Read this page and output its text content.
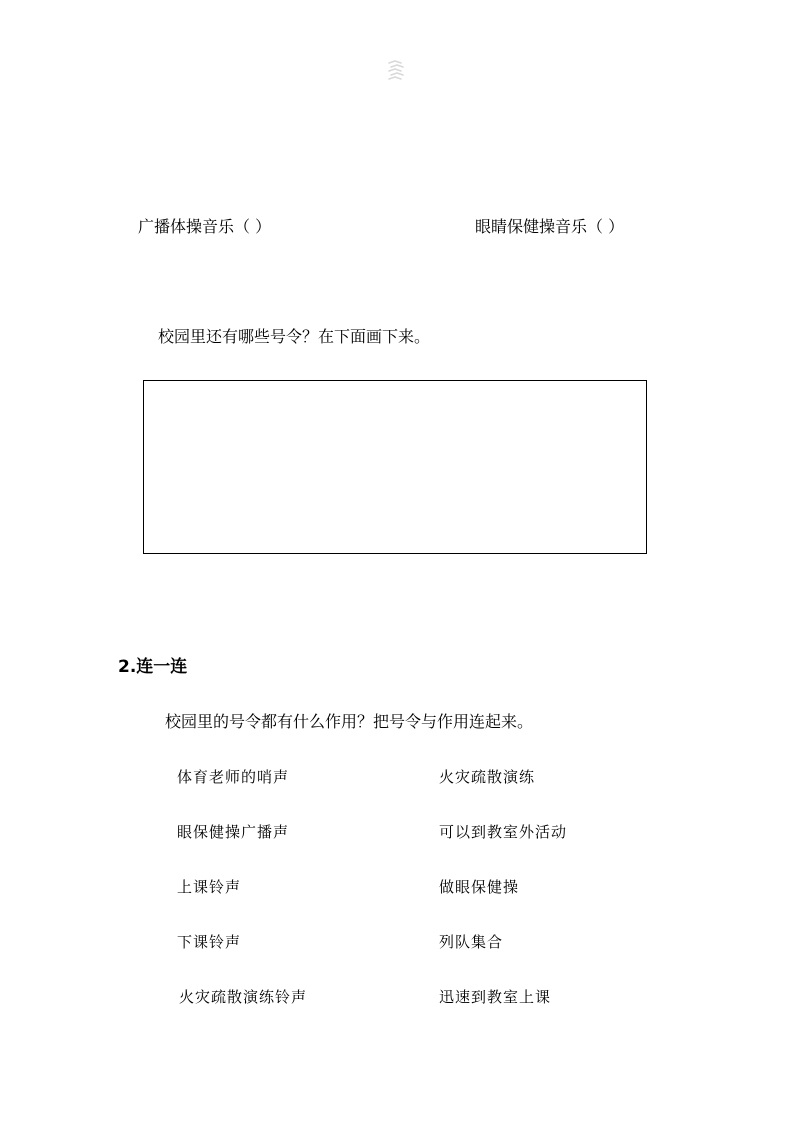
广播体操音乐（ ）	眼睛保健操音乐（ ）
校园里还有哪些号令？在下面画下来。
2.连一连
校园里的号令都有什么作用？把号令与作用连起来。
体育老师的哨声
眼保健操广播声
上课铃声
下课铃声
火灾疏散演练铃声
火灾疏散演练
可以到教室外活动
做眼保健操
列队集合
迅速到教室上课
